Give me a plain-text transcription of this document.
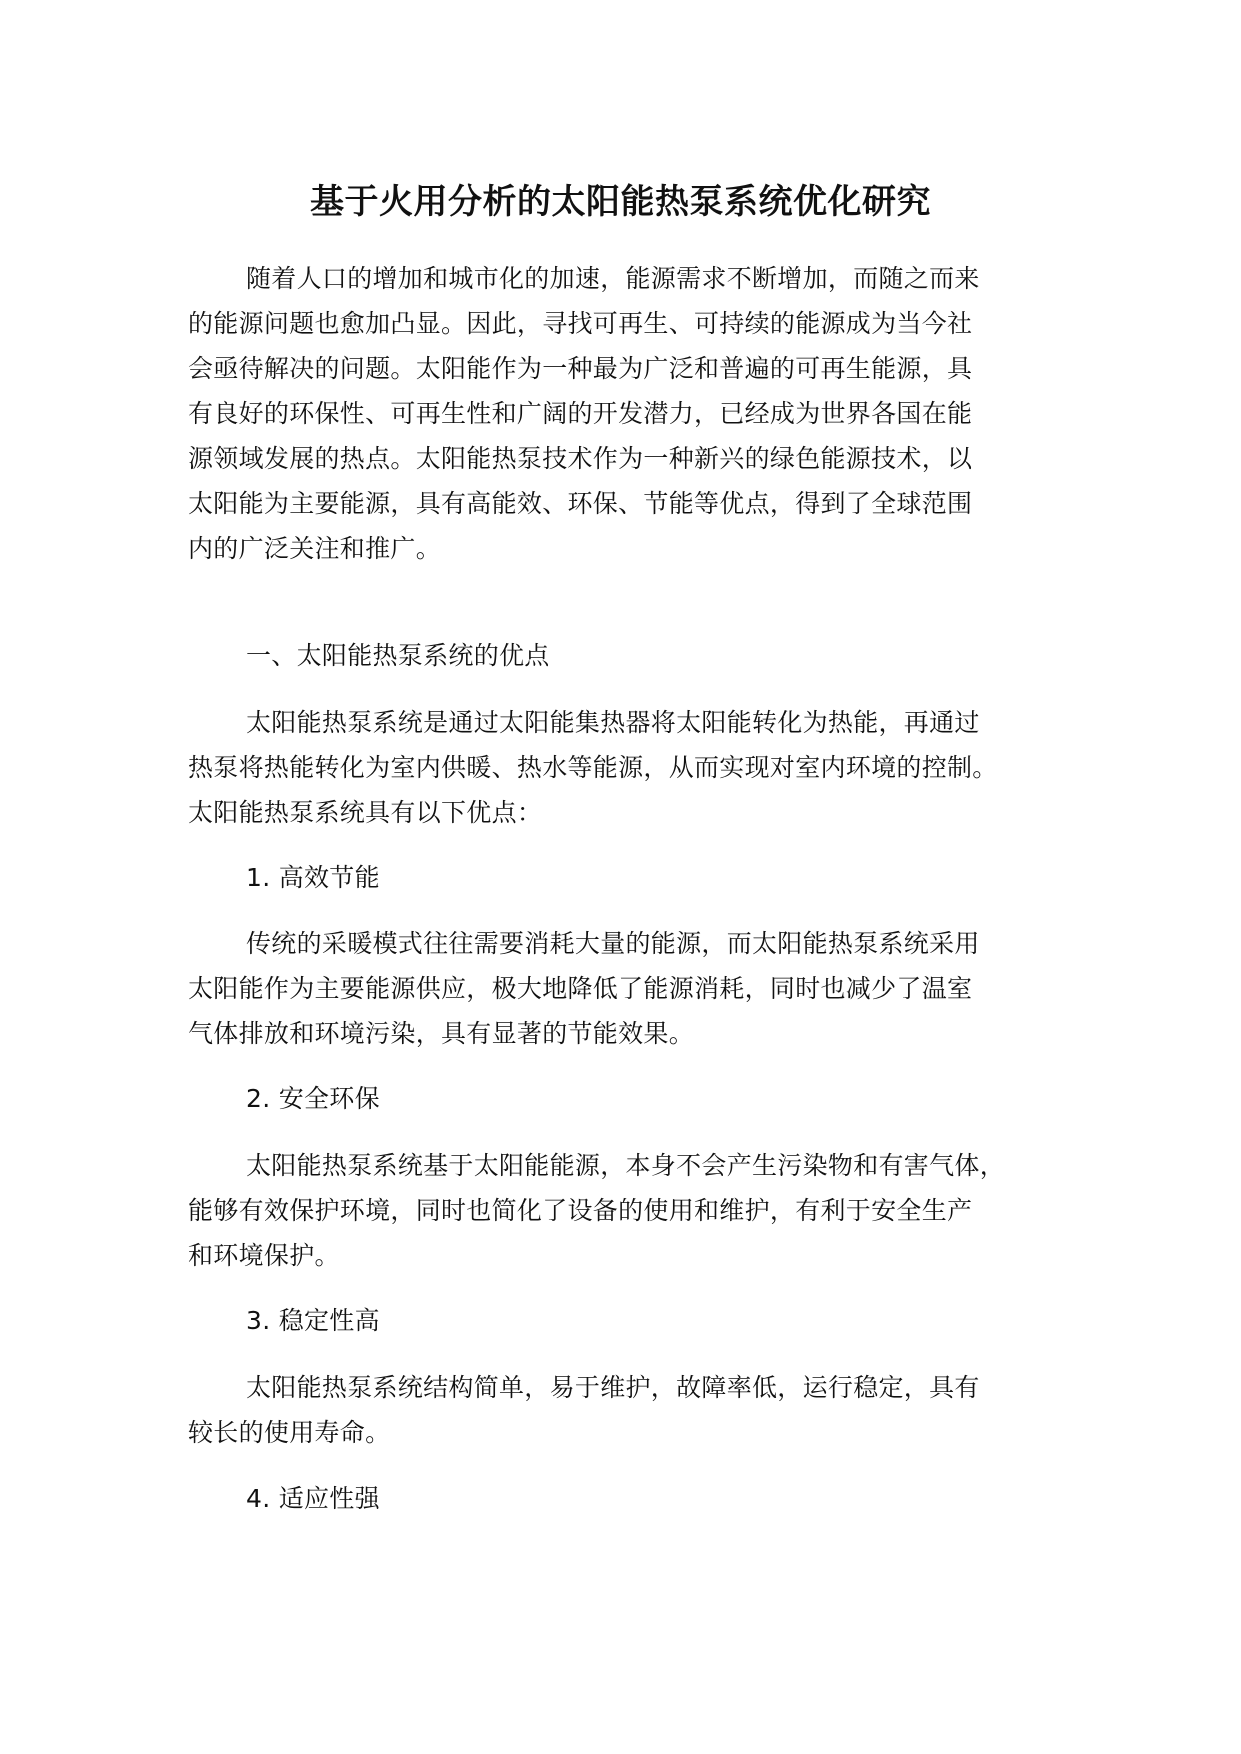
基于火用分析的太阳能热泵系统优化研究

随着人口的增加和城市化的加速，能源需求不断增加，而随之而来
的能源问题也愈加凸显。因此，寻找可再生、可持续的能源成为当今社
会亟待解决的问题。太阳能作为一种最为广泛和普遍的可再生能源，具
有良好的环保性、可再生性和广阔的开发潜力，已经成为世界各国在能
源领域发展的热点。太阳能热泵技术作为一种新兴的绿色能源技术，以
太阳能为主要能源，具有高能效、环保、节能等优点，得到了全球范围
内的广泛关注和推广。

一、太阳能热泵系统的优点

太阳能热泵系统是通过太阳能集热器将太阳能转化为热能，再通过
热泵将热能转化为室内供暖、热水等能源，从而实现对室内环境的控制。
太阳能热泵系统具有以下优点：

1. 高效节能

传统的采暖模式往往需要消耗大量的能源，而太阳能热泵系统采用
太阳能作为主要能源供应，极大地降低了能源消耗，同时也减少了温室
气体排放和环境污染，具有显著的节能效果。

2. 安全环保

太阳能热泵系统基于太阳能能源，本身不会产生污染物和有害气体，
能够有效保护环境，同时也简化了设备的使用和维护，有利于安全生产
和环境保护。

3. 稳定性高

太阳能热泵系统结构简单，易于维护，故障率低，运行稳定，具有
较长的使用寿命。

4. 适应性强
